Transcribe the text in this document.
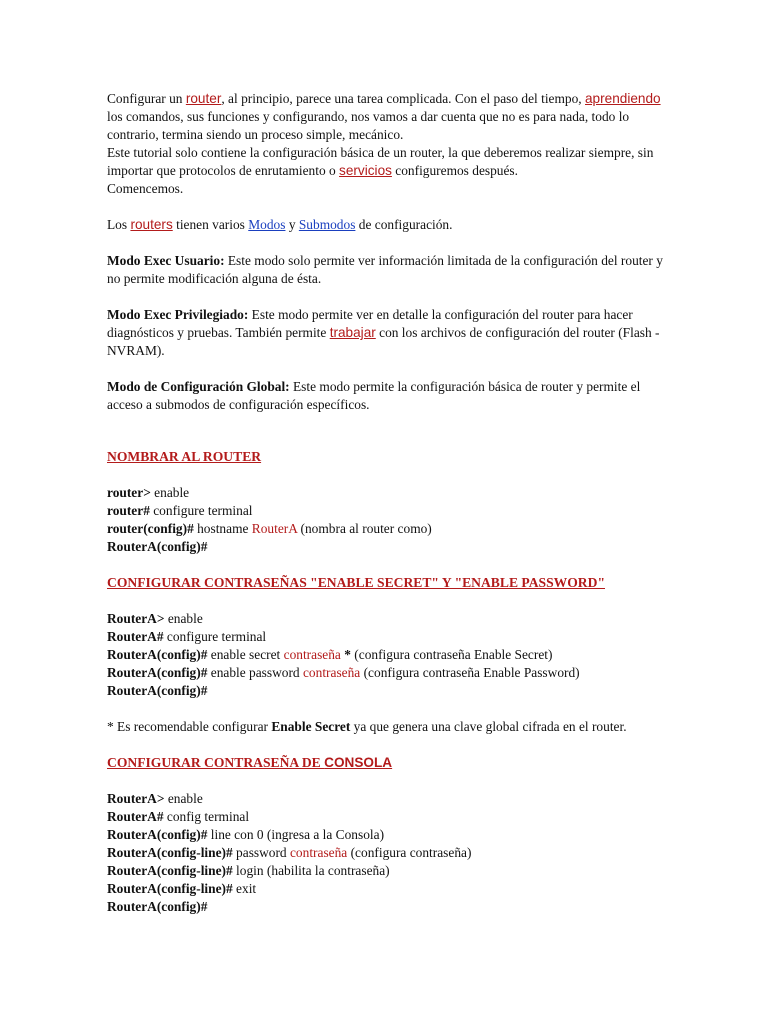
Configurar un router, al principio, parece una tarea complicada. Con el paso del tiempo, aprendiendo los comandos, sus funciones y configurando, nos vamos a dar cuenta que no es para nada, todo lo contrario, termina siendo un proceso simple, mecánico.
Este tutorial solo contiene la configuración básica de un router, la que deberemos realizar siempre, sin importar que protocolos de enrutamiento o servicios configuremos después.
Comencemos.

Los routers tienen varios Modos y Submodos de configuración.

Modo Exec Usuario: Este modo solo permite ver información limitada de la configuración del router y no permite modificación alguna de ésta.

Modo Exec Privilegiado: Este modo permite ver en detalle la configuración del router para hacer diagnósticos y pruebas. También permite trabajar con los archivos de configuración del router (Flash - NVRAM).

Modo de Configuración Global: Este modo permite la configuración básica de router y permite el acceso a submodos de configuración específicos.

NOMBRAR AL ROUTER

router> enable
router# configure terminal
router(config)# hostname RouterA (nombra al router como)
RouterA(config)#

CONFIGURAR CONTRASEÑAS "ENABLE SECRET" Y "ENABLE PASSWORD"

RouterA> enable
RouterA# configure terminal
RouterA(config)# enable secret contraseña * (configura contraseña Enable Secret)
RouterA(config)# enable password contraseña (configura contraseña Enable Password)
RouterA(config)#

* Es recomendable configurar Enable Secret ya que genera una clave global cifrada en el router.

CONFIGURAR CONTRASEÑA DE CONSOLA

RouterA> enable
RouterA# config terminal
RouterA(config)# line con 0 (ingresa a la Consola)
RouterA(config-line)# password contraseña (configura contraseña)
RouterA(config-line)# login (habilita la contraseña)
RouterA(config-line)# exit
RouterA(config)#
